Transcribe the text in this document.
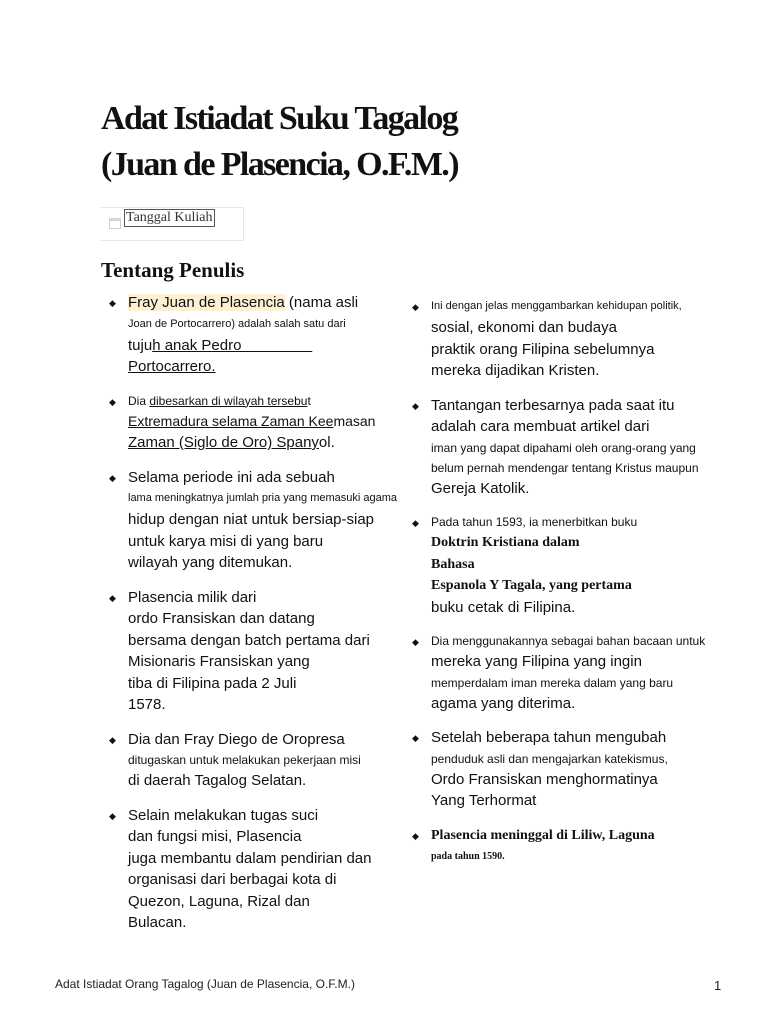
Adat Istiadat Suku Tagalog
(Juan de Plasencia, O.F.M.)
Tanggal Kuliah
Tentang Penulis
◆ Fray Juan de Plasencia (nama asli
Joan de Portocarrero) adalah salah satu dari
tujuh anak Pedro
Portocarrero.
◆ Dia dibesarkan di wilayah tersebut
Extremadura selama Zaman Keemasan
Zaman (Siglo de Oro) Spanyol.
◆ Selama periode ini ada sebuah
lama meningkatnya jumlah pria yang memasuki agama
hidup dengan niat untuk bersiap-siap
untuk karya misi di yang baru
wilayah yang ditemukan.
◆ Plasencia milik dari
ordo Fransiskan dan datang
bersama dengan batch pertama dari
Misionaris Fransiskan yang
tiba di Filipina pada 2 Juli
1578.
◆ Dia dan Fray Diego de Oropresa
ditugaskan untuk melakukan pekerjaan misi
di daerah Tagalog Selatan.
◆ Selain melakukan tugas suci
dan fungsi misi, Plasencia
juga membantu dalam pendirian dan
organisasi dari berbagai kota di
Quezon, Laguna, Rizal dan
Bulacan.
◆ Ini dengan jelas menggambarkan kehidupan politik,
sosial, ekonomi dan budaya
praktik orang Filipina sebelumnya
mereka dijadikan Kristen.
◆ Tantangan terbesarnya pada saat itu
adalah cara membuat artikel dari
iman yang dapat dipahami oleh orang-orang yang
belum pernah mendengar tentang Kristus maupun
Gereja Katolik.
◆ Pada tahun 1593, ia menerbitkan buku
Doktrin Kristiana dalam
Bahasa
Espanola Y Tagala, yang pertama
buku cetak di Filipina.
◆ Dia menggunakannya sebagai bahan bacaan untuk
mereka yang Filipina yang ingin
memperdalam iman mereka dalam yang baru
agama yang diterima.
◆ Setelah beberapa tahun mengubah
penduduk asli dan mengajarkan katekismus,
Ordo Fransiskan menghormatinya
Yang Terhormat
◆ Plasencia meninggal di Liliw, Laguna
pada tahun 1590.
Adat Istiadat Orang Tagalog (Juan de Plasencia, O.F.M.)	1
